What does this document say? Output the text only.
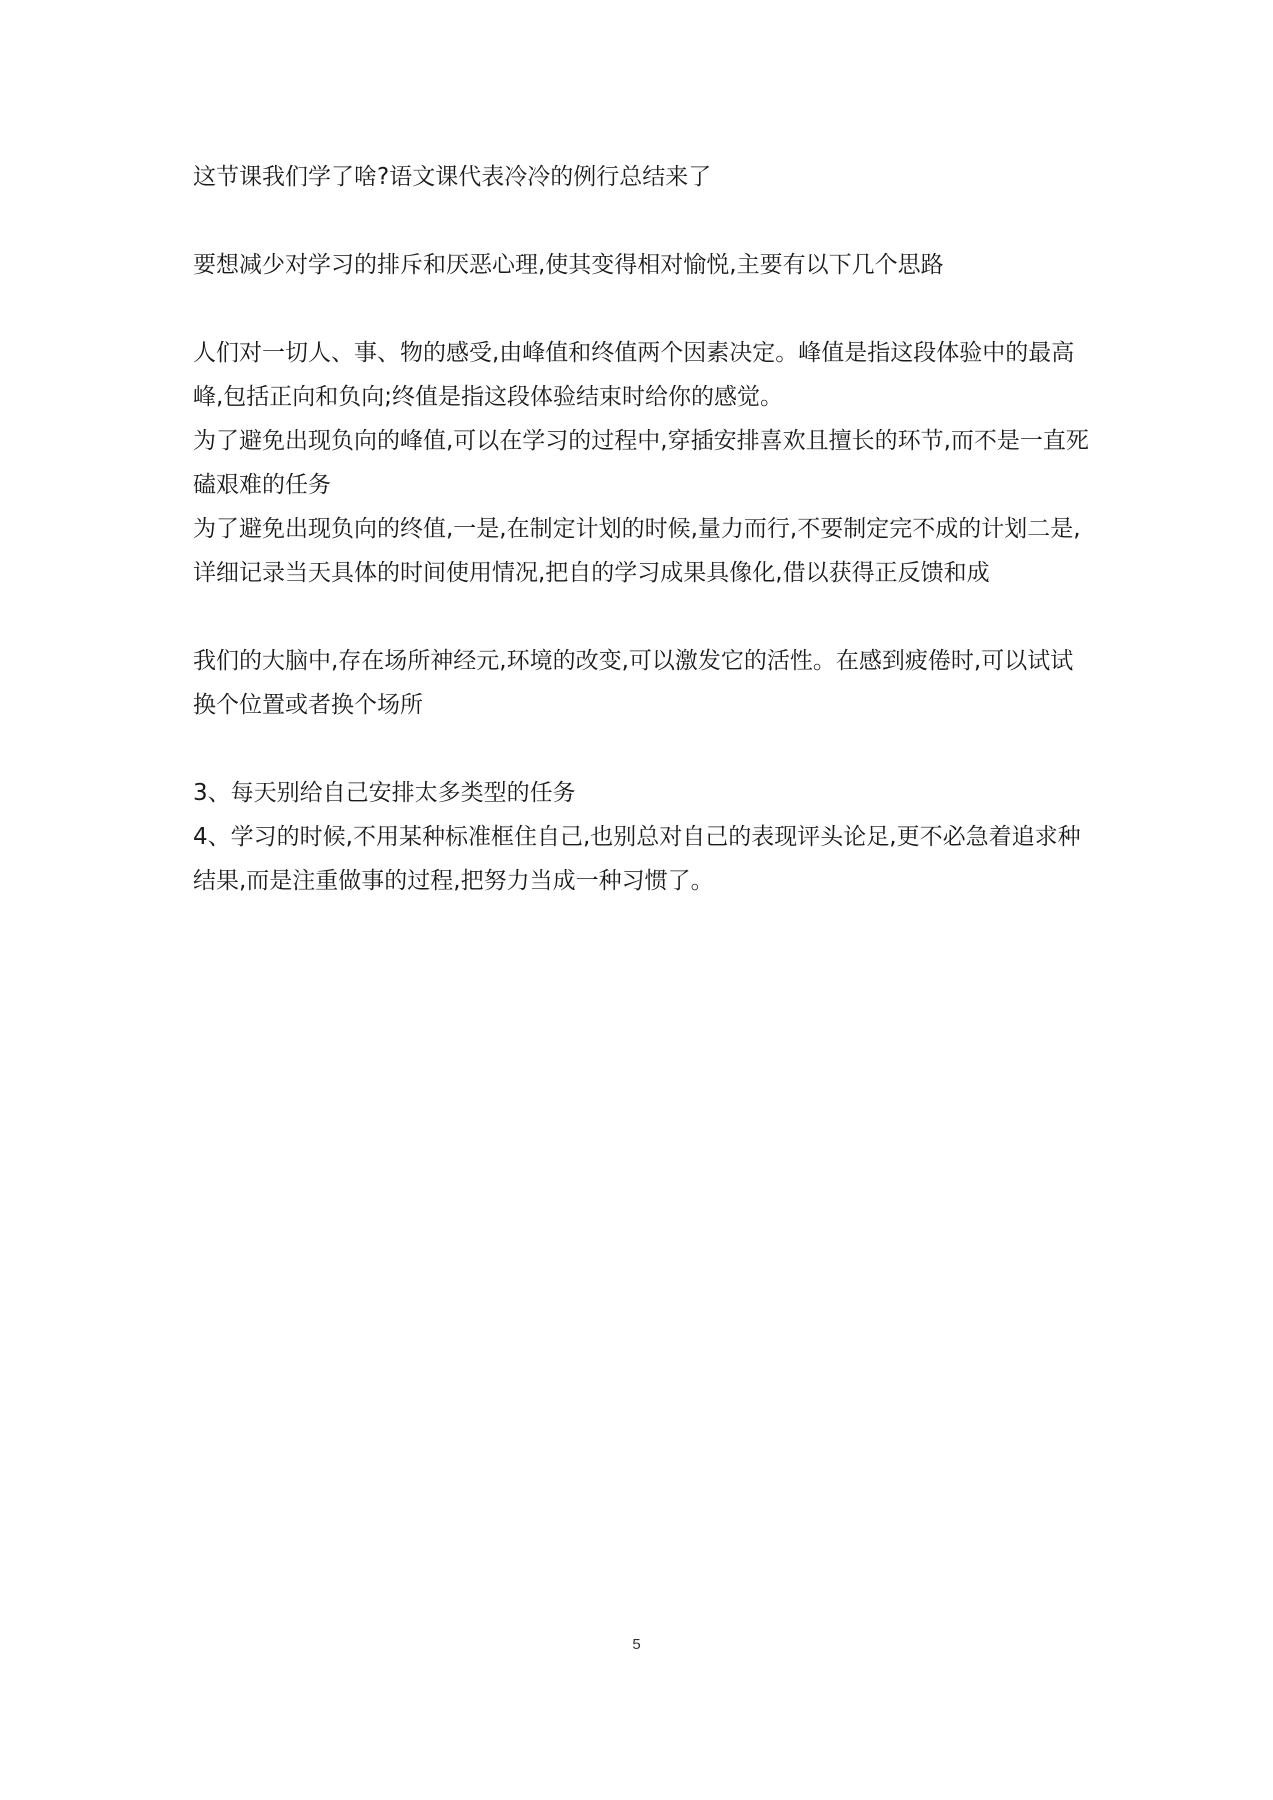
这节课我们学了啥?语文课代表冷冷的例行总结来了

要想减少对学习的排斥和厌恶心理,使其变得相对愉悦,主要有以下几个思路

人们对一切人、事、物的感受,由峰值和终值两个因素决定。峰值是指这段体验中的最高峰,包括正向和负向;终值是指这段体验结束时给你的感觉。

为了避免出现负向的峰值,可以在学习的过程中,穿插安排喜欢且擅长的环节,而不是一直死磕艰难的任务

为了避免出现负向的终值,一是,在制定计划的时候,量力而行,不要制定完不成的计划二是,详细记录当天具体的时间使用情况,把自的学习成果具像化,借以获得正反馈和成

我们的大脑中,存在场所神经元,环境的改变,可以激发它的活性。在感到疲倦时,可以试试换个位置或者换个场所

3、每天别给自己安排太多类型的任务

4、学习的时候,不用某种标准框住自己,也别总对自己的表现评头论足,更不必急着追求种结果,而是注重做事的过程,把努力当成一种习惯了。

5
